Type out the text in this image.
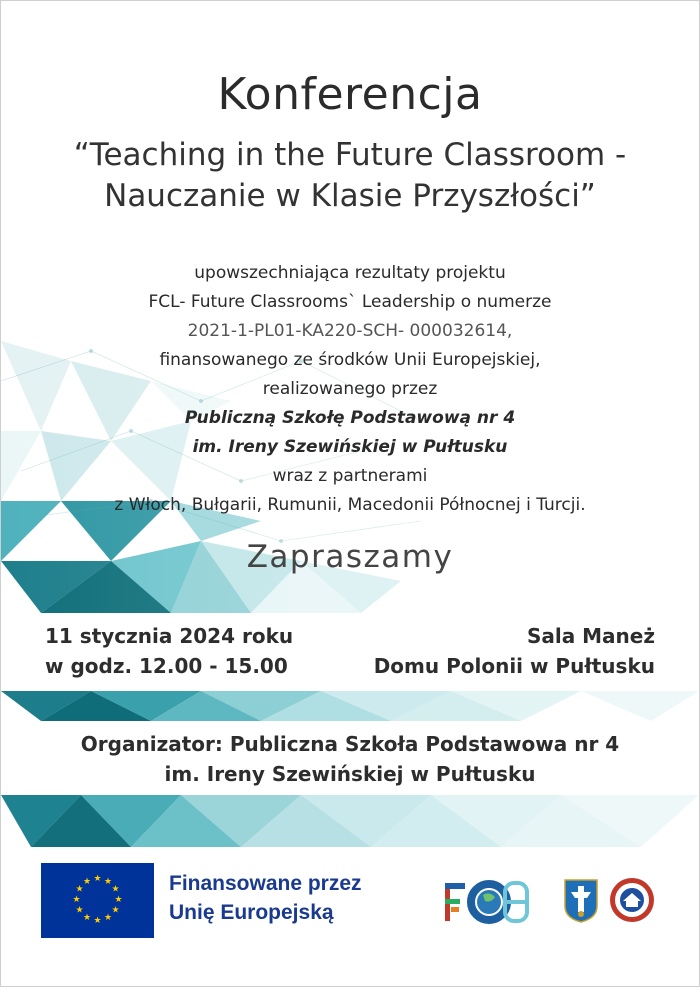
Konferencja
“Teaching in the Future Classroom -
Nauczanie w Klasie Przyszłości”
upowszechniająca rezultaty projektu
FCL- Future Classrooms` Leadership o numerze
2021-1-PL01-KA220-SCH- 000032614,
finansowanego ze środków Unii Europejskiej,
realizowanego przez
Publiczną Szkołę Podstawową nr 4
im. Ireny Szewińskiej w Pułtusku
wraz z partnerami
z Włoch, Bułgarii, Rumunii, Macedonii Północnej i Turcji.
Zapraszamy
11 stycznia 2024 roku
w godz. 12.00 - 15.00
Sala Maneż
Domu Polonii w Pułtusku
Organizator: Publiczna Szkoła Podstawowa nr 4
im. Ireny Szewińskiej w Pułtusku
★ ★
★
★
★
★
★
★
★
★
★
★	Finansowane przez
Unię Europejską
·
